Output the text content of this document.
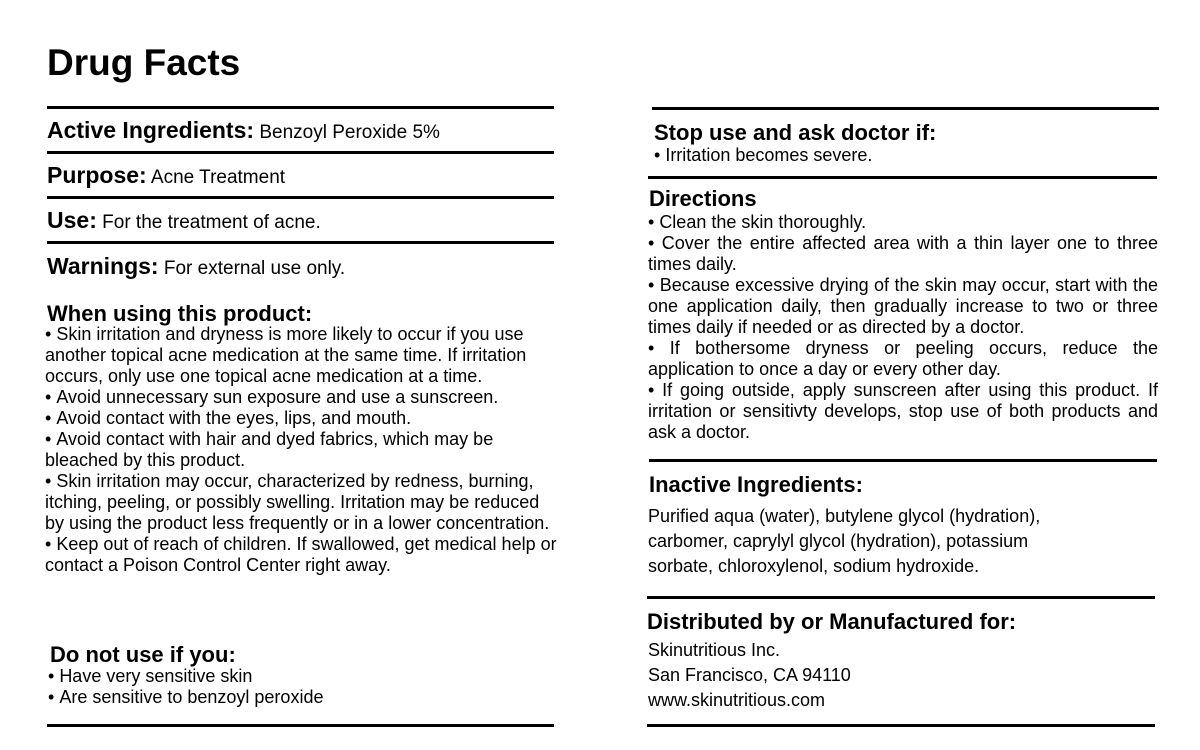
Drug Facts
Active Ingredients: Benzoyl Peroxide 5%
Purpose: Acne Treatment
Use: For the treatment of acne.
Warnings: For external use only.
When using this product:
• Skin irritation and dryness is more likely to occur if you use another topical acne medication at the same time. If irritation occurs, only use one topical acne medication at a time.
• Avoid unnecessary sun exposure and use a sunscreen.
• Avoid contact with the eyes, lips, and mouth.
• Avoid contact with hair and dyed fabrics, which may be bleached by this product.
• Skin irritation may occur, characterized by redness, burning, itching, peeling, or possibly swelling. Irritation may be reduced by using the product less frequently or in a lower concentration.
• Keep out of reach of children. If swallowed, get medical help or contact a Poison Control Center right away.
Do not use if you:
• Have very sensitive skin
• Are sensitive to benzoyl peroxide
Stop use and ask doctor if:
• Irritation becomes severe.
Directions
• Clean the skin thoroughly.
• Cover the entire affected area with a thin layer one to three times daily.
• Because excessive drying of the skin may occur, start with the one application daily, then gradually increase to two or three times daily if needed or as directed by a doctor.
• If bothersome dryness or peeling occurs, reduce the application to once a day or every other day.
• If going outside, apply sunscreen after using this product. If irritation or sensitivty develops, stop use of both products and ask a doctor.
Inactive Ingredients:
Purified aqua (water), butylene glycol (hydration),
carbomer, caprylyl glycol (hydration), potassium
sorbate, chloroxylenol, sodium hydroxide.
Distributed by or Manufactured for:
Skinutritious Inc.
San Francisco, CA 94110
www.skinutritious.com
